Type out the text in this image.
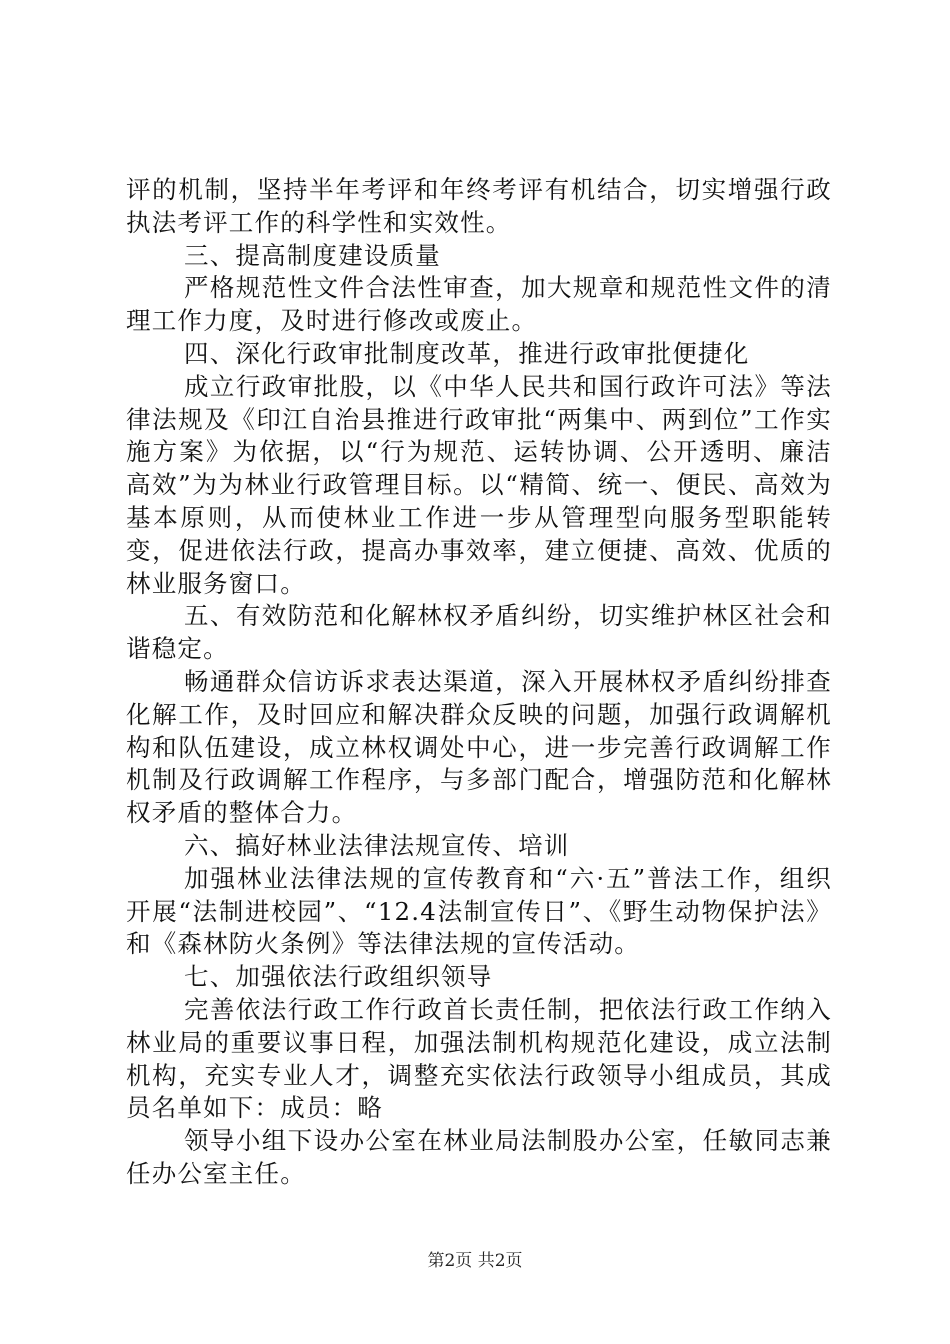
评的机制，坚持半年考评和年终考评有机结合，切实增强行政执法考评工作的科学性和实效性。

三、提高制度建设质量

严格规范性文件合法性审查，加大规章和规范性文件的清理工作力度，及时进行修改或废止。

四、深化行政审批制度改革，推进行政审批便捷化

成立行政审批股，以《中华人民共和国行政许可法》等法律法规及《印江自治县推进行政审批“两集中、两到位”工作实施方案》为依据，以“行为规范、运转协调、公开透明、廉洁高效”为为林业行政管理目标。以“精简、统一、便民、高效为基本原则，从而使林业工作进一步从管理型向服务型职能转变，促进依法行政，提高办事效率，建立便捷、高效、优质的林业服务窗口。

五、有效防范和化解林权矛盾纠纷，切实维护林区社会和谐稳定。

畅通群众信访诉求表达渠道，深入开展林权矛盾纠纷排查化解工作，及时回应和解决群众反映的问题，加强行政调解机构和队伍建设，成立林权调处中心，进一步完善行政调解工作机制及行政调解工作程序，与多部门配合，增强防范和化解林权矛盾的整体合力。

六、搞好林业法律法规宣传、培训

加强林业法律法规的宣传教育和“六·五”普法工作，组织开展“法制进校园”、“12.4法制宣传日”、《野生动物保护法》和《森林防火条例》等法律法规的宣传活动。

七、加强依法行政组织领导

完善依法行政工作行政首长责任制，把依法行政工作纳入林业局的重要议事日程，加强法制机构规范化建设，成立法制机构，充实专业人才，调整充实依法行政领导小组成员，其成员名单如下：成员：略

领导小组下设办公室在林业局法制股办公室，任敏同志兼任办公室主任。

第2页 共2页
